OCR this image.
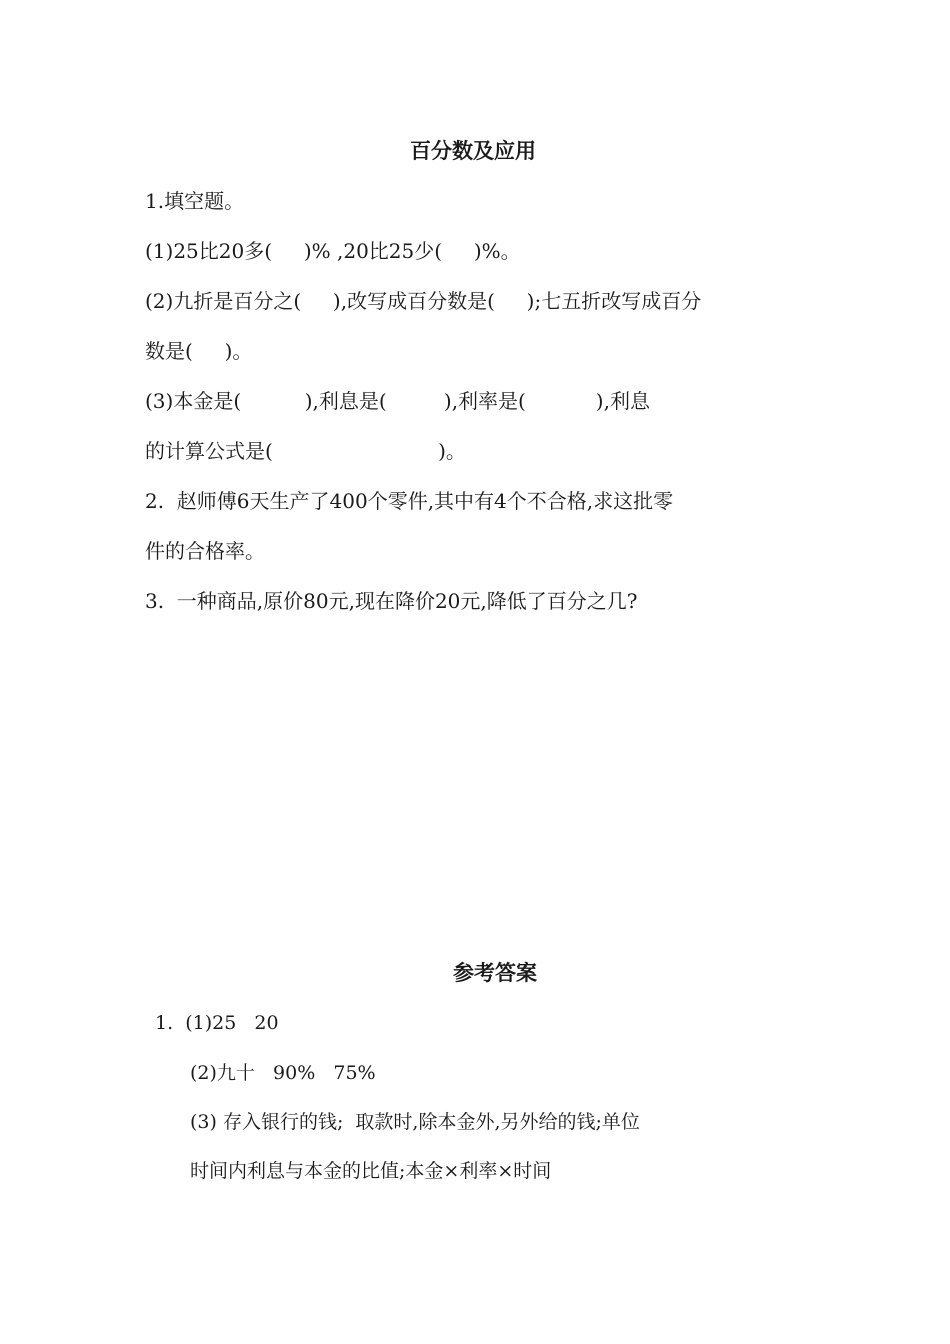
百分数及应用
1.填空题。
(1)25比20多(     )% ,20比25少(     )%。
(2)九折是百分之(     ),改写成百分数是(     );七五折改写成百分
数是(     )。
(3)本金是(          ),利息是(         ),利率是(           ),利息
的计算公式是(                          )。
2.  赵师傅6天生产了400个零件,其中有4个不合格,求这批零
件的合格率。
3.  一种商品,原价80元,现在降价20元,降低了百分之几?
参考答案
1.  (1)25   20
(2)九十   90%   75%
(3) 存入银行的钱;  取款时,除本金外,另外给的钱;单位
时间内利息与本金的比值;本金×利率×时间
